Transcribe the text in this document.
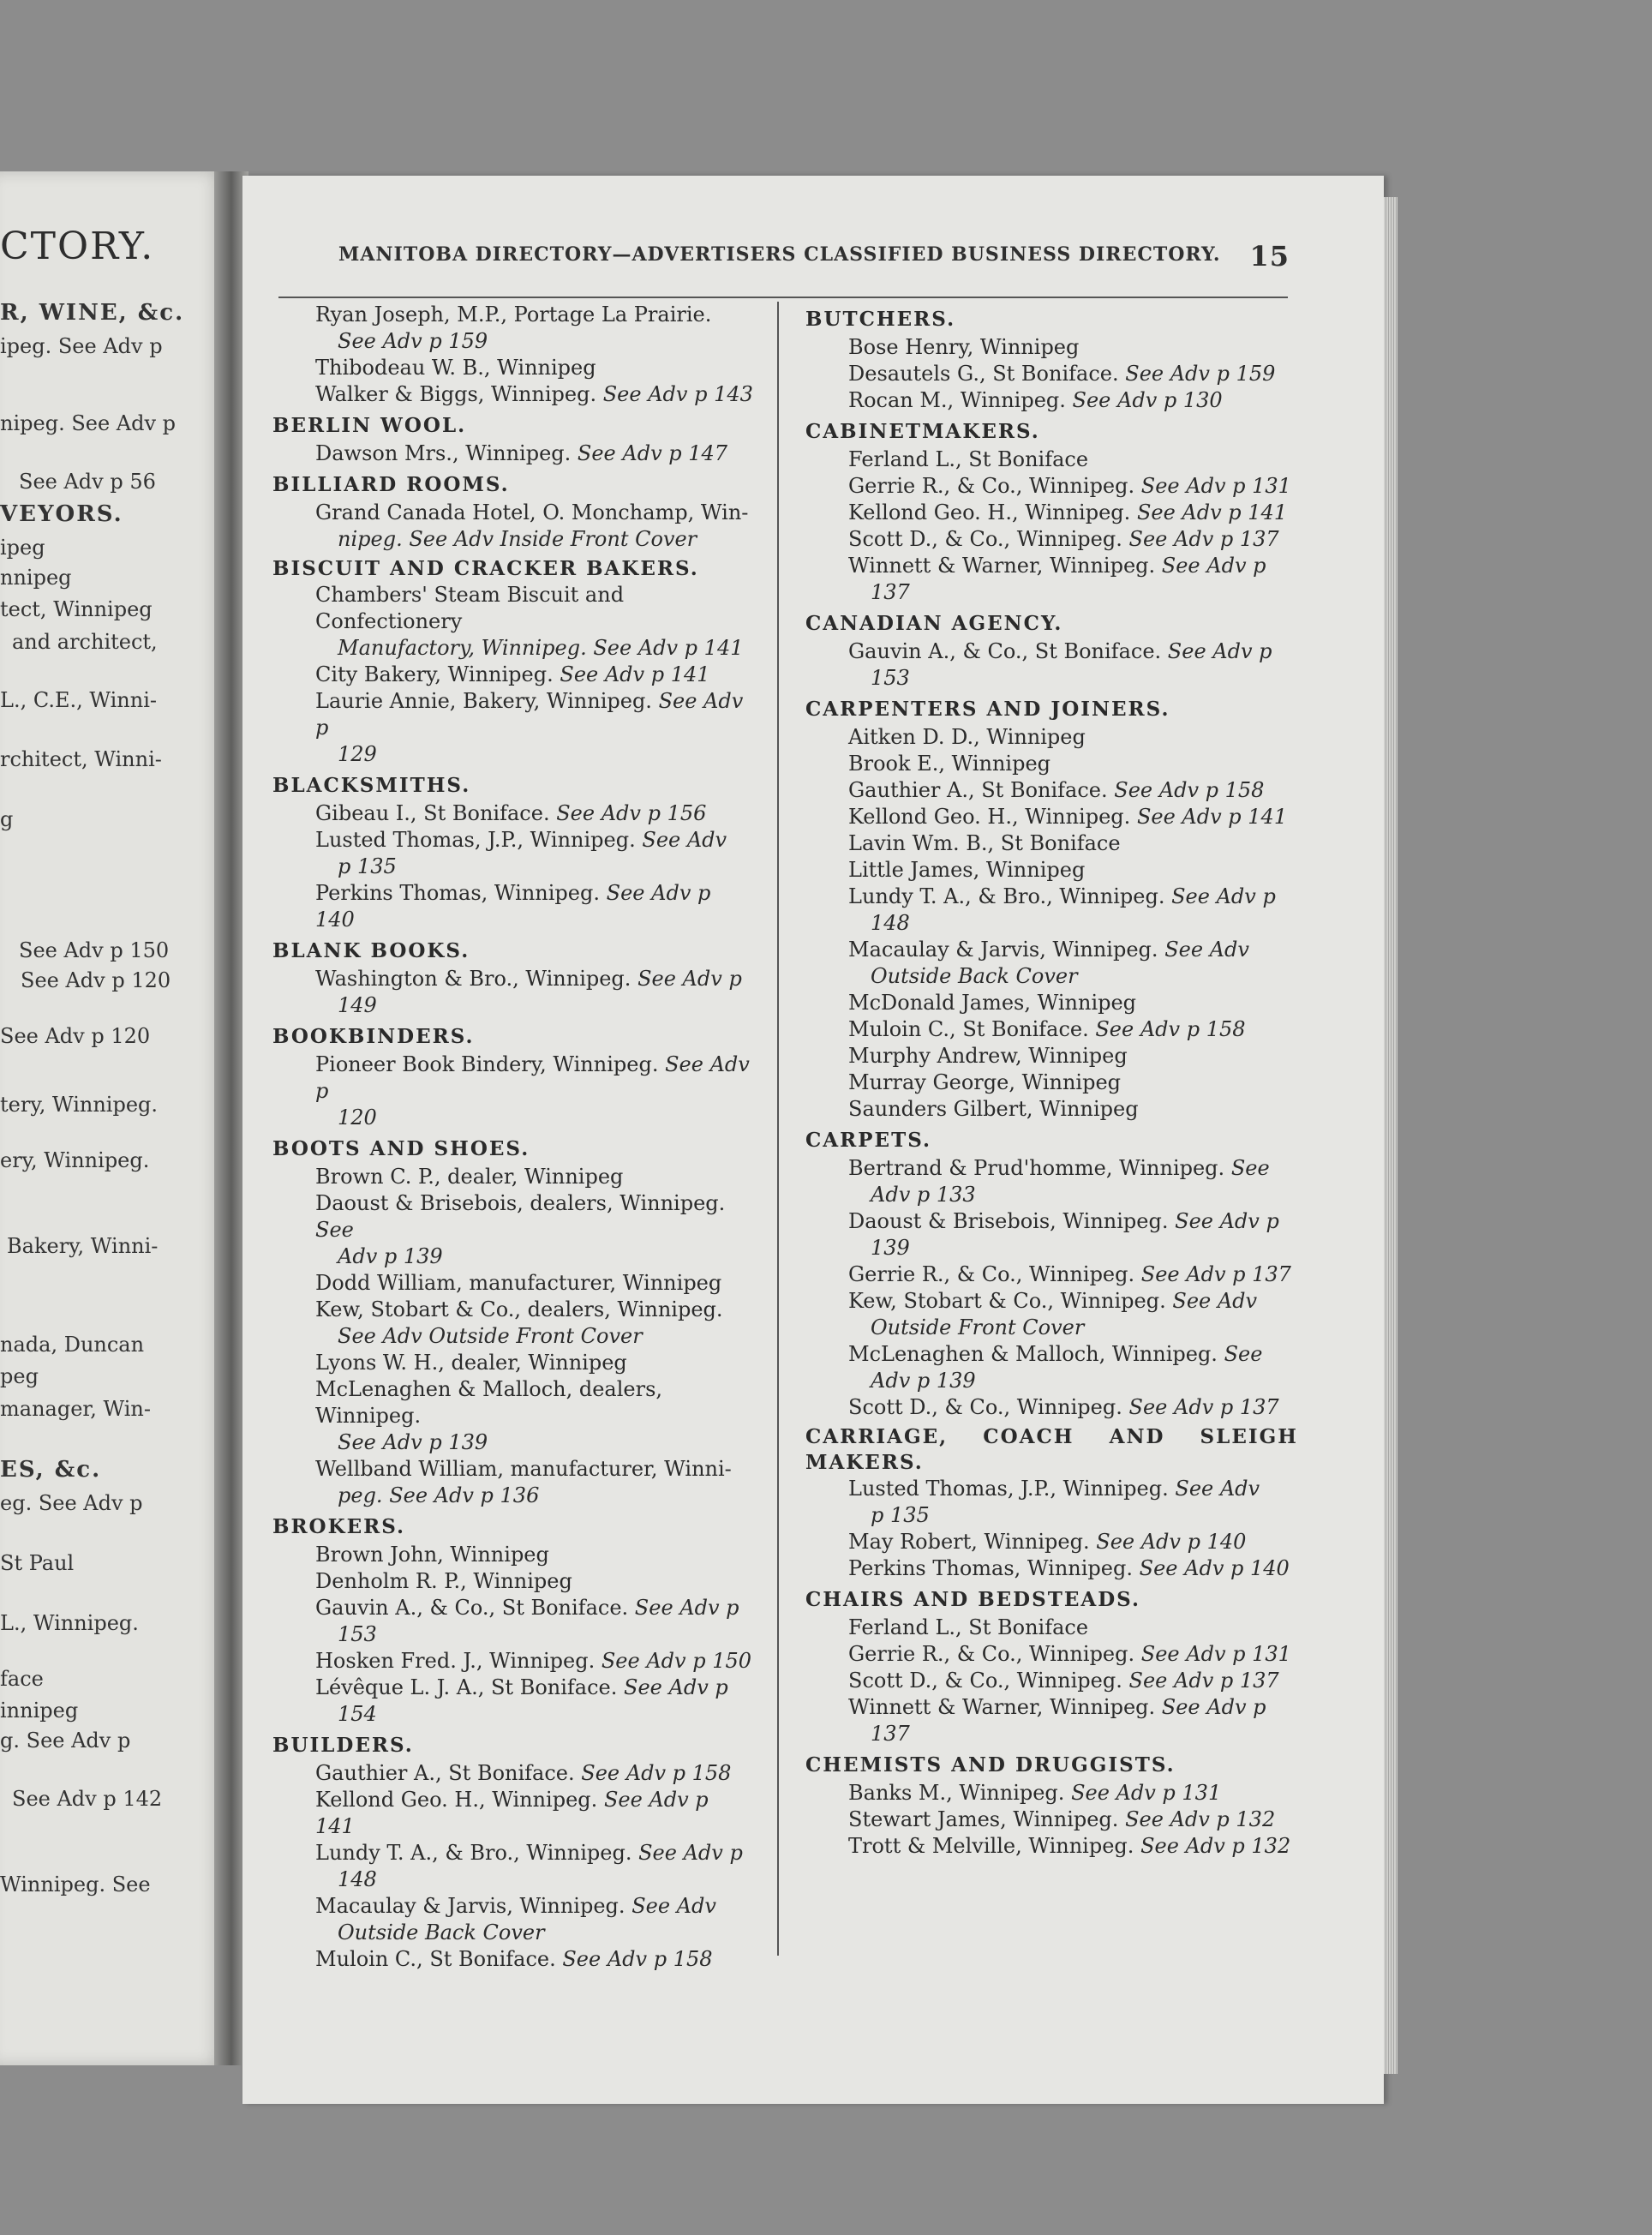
CTORY.
R, WINE, &c.
ipeg. See Adv p
nipeg. See Adv p
See Adv p 56
VEYORS.
ipeg
nnipeg
tect, Winnipeg
and architect,
L., C.E., Winni-
rchitect, Winni-
g
See Adv p 150
See Adv p 120
See Adv p 120
tery, Winnipeg.
ery, Winnipeg.
Bakery, Winni-
nada, Duncan
peg
manager, Win-
ES, &c.
eg. See Adv p
St Paul
L., Winnipeg.
face
innipeg
g. See Adv p
See Adv p 142
Winnipeg. See
MANITOBA DIRECTORY—ADVERTISERS CLASSIFIED BUSINESS DIRECTORY. 15
Ryan Joseph, M.P., Portage La Prairie.
See Adv p 159
Thibodeau W. B., Winnipeg
Walker & Biggs, Winnipeg. See Adv p 143
BERLIN WOOL.
Dawson Mrs., Winnipeg. See Adv p 147
BILLIARD ROOMS.
Grand Canada Hotel, O. Monchamp, Win-
nipeg. See Adv Inside Front Cover
BISCUIT AND CRACKER BAKERS.
Chambers' Steam Biscuit and Confectionery
Manufactory, Winnipeg. See Adv p 141
City Bakery, Winnipeg. See Adv p 141
Laurie Annie, Bakery, Winnipeg. See Adv p
129
BLACKSMITHS.
Gibeau I., St Boniface. See Adv p 156
Lusted Thomas, J.P., Winnipeg. See Adv
p 135
Perkins Thomas, Winnipeg. See Adv p 140
BLANK BOOKS.
Washington & Bro., Winnipeg. See Adv p
149
BOOKBINDERS.
Pioneer Book Bindery, Winnipeg. See Adv p
120
BOOTS AND SHOES.
Brown C. P., dealer, Winnipeg
Daoust & Brisebois, dealers, Winnipeg. See
Adv p 139
Dodd William, manufacturer, Winnipeg
Kew, Stobart & Co., dealers, Winnipeg.
See Adv Outside Front Cover
Lyons W. H., dealer, Winnipeg
McLenaghen & Malloch, dealers, Winnipeg.
See Adv p 139
Wellband William, manufacturer, Winni-
peg. See Adv p 136
BROKERS.
Brown John, Winnipeg
Denholm R. P., Winnipeg
Gauvin A., & Co., St Boniface. See Adv p
153
Hosken Fred. J., Winnipeg. See Adv p 150
Lévêque L. J. A., St Boniface. See Adv p
154
BUILDERS.
Gauthier A., St Boniface. See Adv p 158
Kellond Geo. H., Winnipeg. See Adv p 141
Lundy T. A., & Bro., Winnipeg. See Adv p
148
Macaulay & Jarvis, Winnipeg. See Adv
Outside Back Cover
Muloin C., St Boniface. See Adv p 158
BUTCHERS.
Bose Henry, Winnipeg
Desautels G., St Boniface. See Adv p 159
Rocan M., Winnipeg. See Adv p 130
CABINETMAKERS.
Ferland L., St Boniface
Gerrie R., & Co., Winnipeg. See Adv p 131
Kellond Geo. H., Winnipeg. See Adv p 141
Scott D., & Co., Winnipeg. See Adv p 137
Winnett & Warner, Winnipeg. See Adv p
137
CANADIAN AGENCY.
Gauvin A., & Co., St Boniface. See Adv p
153
CARPENTERS AND JOINERS.
Aitken D. D., Winnipeg
Brook E., Winnipeg
Gauthier A., St Boniface. See Adv p 158
Kellond Geo. H., Winnipeg. See Adv p 141
Lavin Wm. B., St Boniface
Little James, Winnipeg
Lundy T. A., & Bro., Winnipeg. See Adv p
148
Macaulay & Jarvis, Winnipeg. See Adv
Outside Back Cover
McDonald James, Winnipeg
Muloin C., St Boniface. See Adv p 158
Murphy Andrew, Winnipeg
Murray George, Winnipeg
Saunders Gilbert, Winnipeg
CARPETS.
Bertrand & Prud'homme, Winnipeg. See
Adv p 133
Daoust & Brisebois, Winnipeg. See Adv p
139
Gerrie R., & Co., Winnipeg. See Adv p 137
Kew, Stobart & Co., Winnipeg. See Adv
Outside Front Cover
McLenaghen & Malloch, Winnipeg. See
Adv p 139
Scott D., & Co., Winnipeg. See Adv p 137
CARRIAGE, COACH AND SLEIGH MAKERS.
Lusted Thomas, J.P., Winnipeg. See Adv
p 135
May Robert, Winnipeg. See Adv p 140
Perkins Thomas, Winnipeg. See Adv p 140
CHAIRS AND BEDSTEADS.
Ferland L., St Boniface
Gerrie R., & Co., Winnipeg. See Adv p 131
Scott D., & Co., Winnipeg. See Adv p 137
Winnett & Warner, Winnipeg. See Adv p
137
CHEMISTS AND DRUGGISTS.
Banks M., Winnipeg. See Adv p 131
Stewart James, Winnipeg. See Adv p 132
Trott & Melville, Winnipeg. See Adv p 132
